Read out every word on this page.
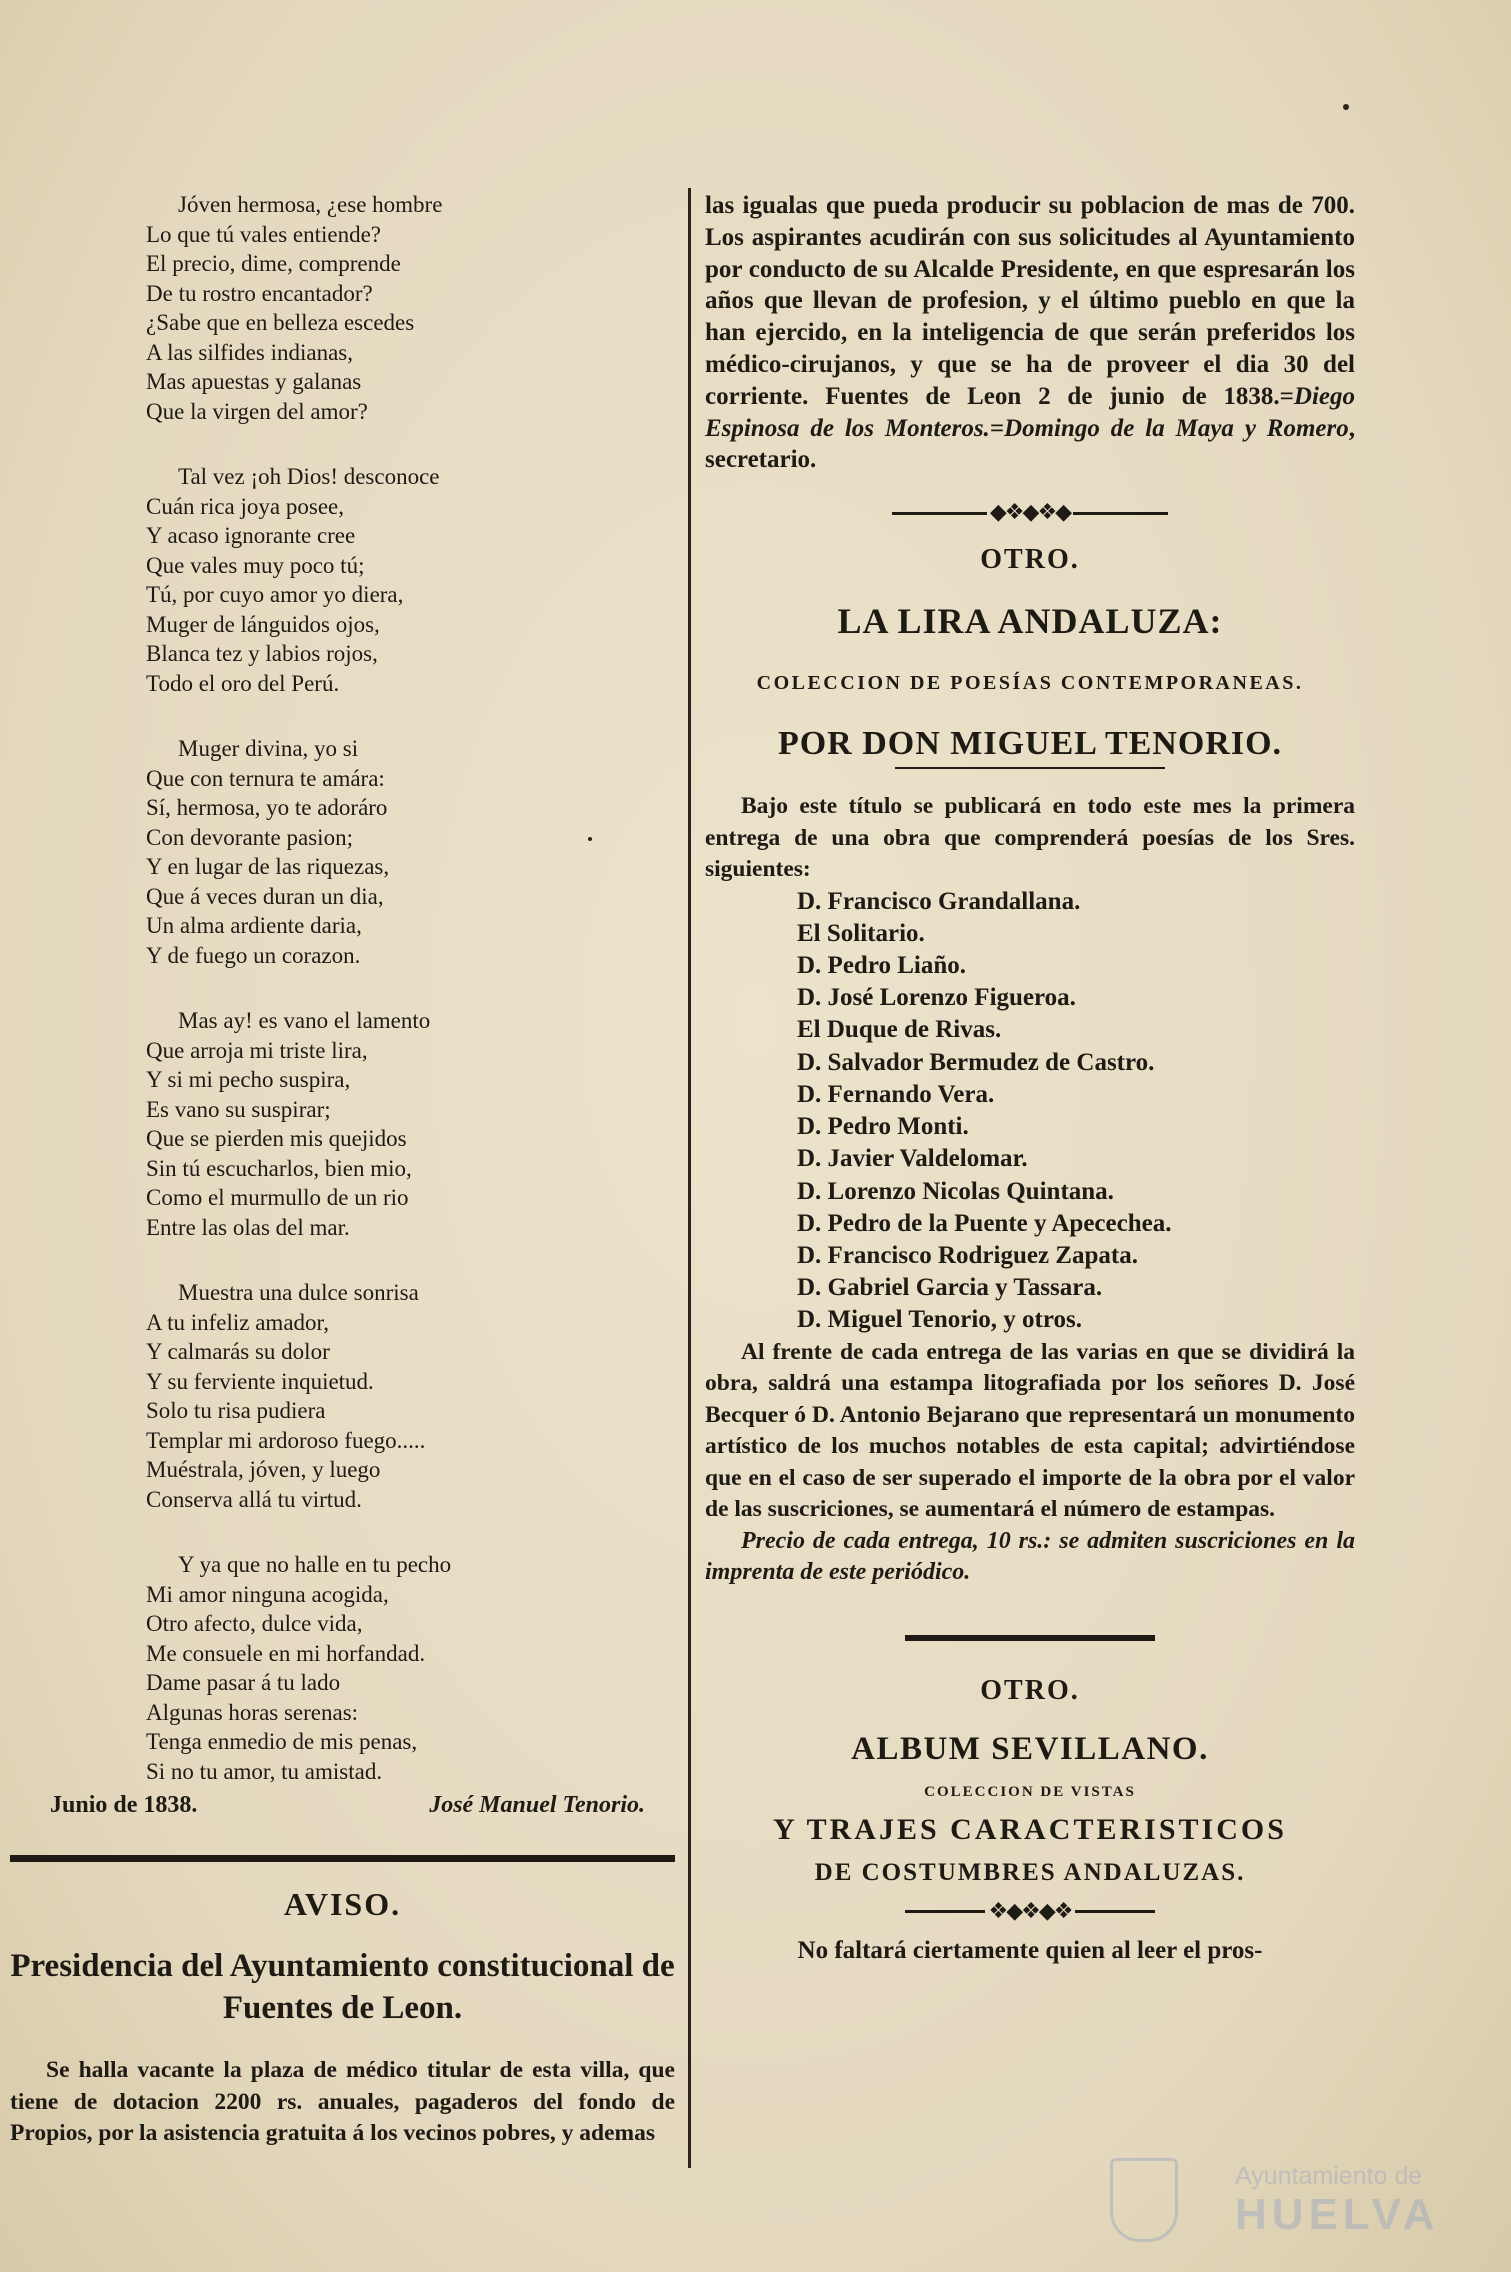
Jóven hermosa, ¿ese hombre
Lo que tú vales entiende?
El precio, dime, comprende
De tu rostro encantador?
¿Sabe que en belleza escedes
A las silfides indianas,
Mas apuestas y galanas
Que la virgen del amor?
Tal vez ¡oh Dios! desconoce
Cuán rica joya posee,
Y acaso ignorante cree
Que vales muy poco tú;
Tú, por cuyo amor yo diera,
Muger de lánguidos ojos,
Blanca tez y labios rojos,
Todo el oro del Perú.
Muger divina, yo si
Que con ternura te amára:
Sí, hermosa, yo te adoráro
Con devorante pasion;
Y en lugar de las riquezas,
Que á veces duran un dia,
Un alma ardiente daria,
Y de fuego un corazon.
Mas ay! es vano el lamento
Que arroja mi triste lira,
Y si mi pecho suspira,
Es vano su suspirar;
Que se pierden mis quejidos
Sin tú escucharlos, bien mio,
Como el murmullo de un rio
Entre las olas del mar.
Muestra una dulce sonrisa
A tu infeliz amador,
Y calmarás su dolor
Y su ferviente inquietud.
Solo tu risa pudiera
Templar mi ardoroso fuego.....
Muéstrala, jóven, y luego
Conserva allá tu virtud.
Y ya que no halle en tu pecho
Mi amor ninguna acogida,
Otro afecto, dulce vida,
Me consuele en mi horfandad.
Dame pasar á tu lado
Algunas horas serenas:
Tenga enmedio de mis penas,
Si no tu amor, tu amistad.
Junio de 1838.	José Manuel Tenorio.
AVISO.
Presidencia del Ayuntamiento constitucional de Fuentes de Leon.
Se halla vacante la plaza de médico titular de esta villa, que tiene de dotacion 2200 rs. anuales, pagaderos del fondo de Propios, por la asistencia gratuita á los vecinos pobres, y ademas
las igualas que pueda producir su poblacion de mas de 700. Los aspirantes acudirán con sus solicitudes al Ayuntamiento por conducto de su Alcalde Presidente, en que espresarán los años que llevan de profesion, y el último pueblo en que la han ejercido, en la inteligencia de que serán preferidos los médico-cirujanos, y que se ha de proveer el dia 30 del corriente. Fuentes de Leon 2 de junio de 1838.=Diego Espinosa de los Monteros.=Domingo de la Maya y Romero, secretario.
◆❖◆❖◆
OTRO.
LA LIRA ANDALUZA:
COLECCION DE POESÍAS CONTEMPORANEAS.
POR DON MIGUEL TENORIO.
Bajo este título se publicará en todo este mes la primera entrega de una obra que comprenderá poesías de los Sres. siguientes:
D. Francisco Grandallana.
El Solitario.
D. Pedro Liaño.
D. José Lorenzo Figueroa.
El Duque de Rivas.
D. Salvador Bermudez de Castro.
D. Fernando Vera.
D. Pedro Monti.
D. Javier Valdelomar.
D. Lorenzo Nicolas Quintana.
D. Pedro de la Puente y Apecechea.
D. Francisco Rodriguez Zapata.
D. Gabriel Garcia y Tassara.
D. Miguel Tenorio, y otros.
Al frente de cada entrega de las varias en que se dividirá la obra, saldrá una estampa litografiada por los señores D. José Becquer ó D. Antonio Bejarano que representará un monumento artístico de los muchos notables de esta capital; advirtiéndose que en el caso de ser superado el importe de la obra por el valor de las suscriciones, se aumentará el número de estampas.
Precio de cada entrega, 10 rs.: se admiten suscriciones en la imprenta de este periódico.
OTRO.
ALBUM SEVILLANO.
COLECCION DE VISTAS
Y TRAJES CARACTERISTICOS
DE COSTUMBRES ANDALUZAS.
❖◆❖◆❖
No faltará ciertamente quien al leer el pros-
Ayuntamiento de
HUELVA
